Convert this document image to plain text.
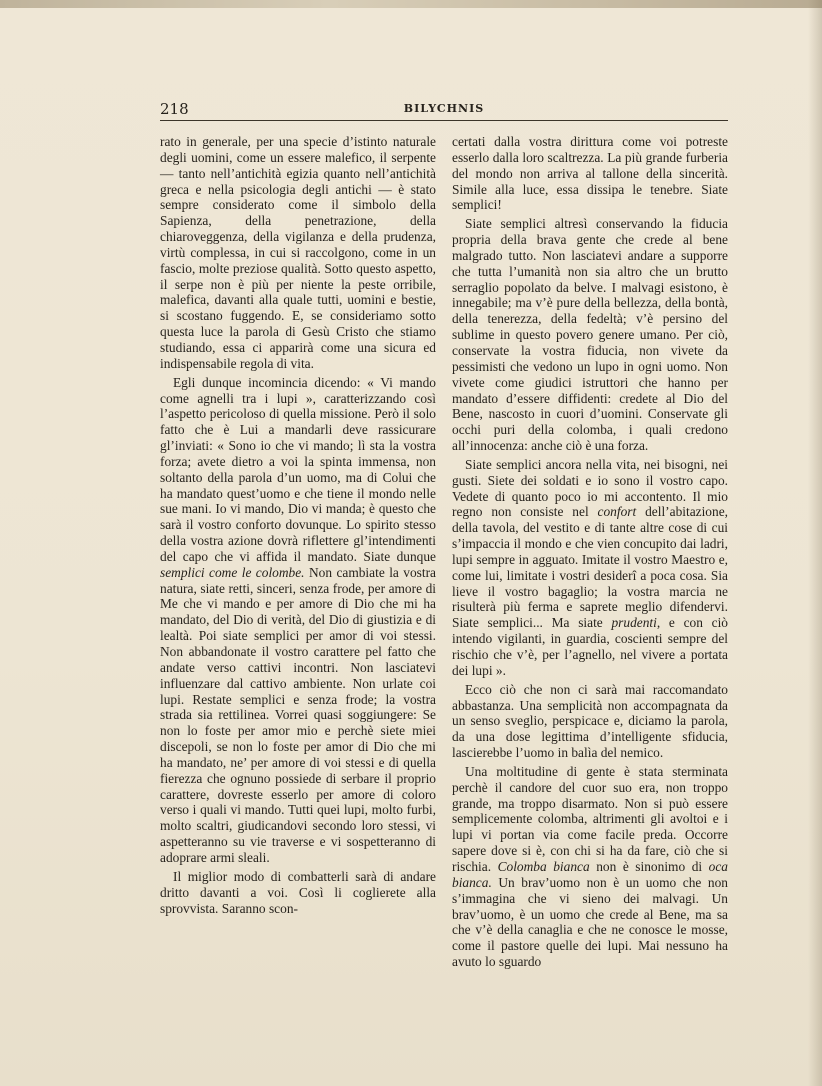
218	BILYCHNIS

rato in generale, per una specie d’istinto naturale degli uomini, come un essere malefico, il serpente — tanto nell’antichità egizia quanto nell’antichità greca e nella psicologia degli antichi — è stato sempre considerato come il simbolo della Sapienza, della penetrazione, della chiaroveggenza, della vigilanza e della prudenza, virtù complessa, in cui si raccolgono, come in un fascio, molte preziose qualità. Sotto questo aspetto, il serpe non è più per niente la peste orribile, malefica, davanti alla quale tutti, uomini e bestie, si scostano fuggendo. E, se consideriamo sotto questa luce la parola di Gesù Cristo che stiamo studiando, essa ci apparirà come una sicura ed indispensabile regola di vita.

Egli dunque incomincia dicendo: « Vi mando come agnelli tra i lupi », caratterizzando così l’aspetto pericoloso di quella missione. Però il solo fatto che è Lui a mandarli deve rassicurare gl’inviati: « Sono io che vi mando; lì sta la vostra forza; avete dietro a voi la spinta immensa, non soltanto della parola d’un uomo, ma di Colui che ha mandato quest’uomo e che tiene il mondo nelle sue mani. Io vi mando, Dio vi manda; è questo che sarà il vostro conforto dovunque. Lo spirito stesso della vostra azione dovrà riflettere gl’intendimenti del capo che vi affida il mandato. Siate dunque semplici come le colombe. Non cambiate la vostra natura, siate retti, sinceri, senza frode, per amore di Me che vi mando e per amore di Dio che mi ha mandato, del Dio di verità, del Dio di giustizia e di lealtà. Poi siate semplici per amor di voi stessi. Non abbandonate il vostro carattere pel fatto che andate verso cattivi incontri. Non lasciatevi influenzare dal cattivo ambiente. Non urlate coi lupi. Restate semplici e senza frode; la vostra strada sia rettilinea. Vorrei quasi soggiungere: Se non lo foste per amor mio e perchè siete miei discepoli, se non lo foste per amor di Dio che mi ha mandato, ne’ per amore di voi stessi e di quella fierezza che ognuno possiede di serbare il proprio carattere, dovreste esserlo per amore di coloro verso i quali vi mando. Tutti quei lupi, molto furbi, molto scaltri, giudicandovi secondo loro stessi, vi aspetteranno su vie traverse e vi sospetteranno di adoprare armi sleali.

Il miglior modo di combatterli sarà di andare dritto davanti a voi. Così li coglierete alla sprovvista. Saranno scon-

certati dalla vostra dirittura come voi potreste esserlo dalla loro scaltrezza. La più grande furberia del mondo non arriva al tallone della sincerità. Simile alla luce, essa dissipa le tenebre. Siate semplici!

Siate semplici altresì conservando la fiducia propria della brava gente che crede al bene malgrado tutto. Non lasciatevi andare a supporre che tutta l’umanità non sia altro che un brutto serraglio popolato da belve. I malvagi esistono, è innegabile; ma v’è pure della bellezza, della bontà, della tenerezza, della fedeltà; v’è persino del sublime in questo povero genere umano. Per ciò, conservate la vostra fiducia, non vivete da pessimisti che vedono un lupo in ogni uomo. Non vivete come giudici istruttori che hanno per mandato d’essere diffidenti: credete al Dio del Bene, nascosto in cuori d’uomini. Conservate gli occhi puri della colomba, i quali credono all’innocenza: anche ciò è una forza.

Siate semplici ancora nella vita, nei bisogni, nei gusti. Siete dei soldati e io sono il vostro capo. Vedete di quanto poco io mi accontento. Il mio regno non consiste nel confort dell’abitazione, della tavola, del vestito e di tante altre cose di cui s’impaccia il mondo e che vien concupito dai ladri, lupi sempre in agguato. Imitate il vostro Maestro e, come lui, limitate i vostri desiderî a poca cosa. Sia lieve il vostro bagaglio; la vostra marcia ne risulterà più ferma e saprete meglio difendervi. Siate semplici... Ma siate prudenti, e con ciò intendo vigilanti, in guardia, coscienti sempre del rischio che v’è, per l’agnello, nel vivere a portata dei lupi ».

Ecco ciò che non ci sarà mai raccomandato abbastanza. Una semplicità non accompagnata da un senso sveglio, perspicace e, diciamo la parola, da una dose legittima d’intelligente sfiducia, lascierebbe l’uomo in balìa del nemico.

Una moltitudine di gente è stata sterminata perchè il candore del cuor suo era, non troppo grande, ma troppo disarmato. Non si può essere semplicemente colomba, altrimenti gli avoltoi e i lupi vi portan via come facile preda. Occorre sapere dove si è, con chi si ha da fare, ciò che si rischia. Colomba bianca non è sinonimo di oca bianca. Un brav’uomo non è un uomo che non s’immagina che vi sieno dei malvagi. Un brav’uomo, è un uomo che crede al Bene, ma sa che v’è della canaglia e che ne conosce le mosse, come il pastore quelle dei lupi. Mai nessuno ha avuto lo sguardo
